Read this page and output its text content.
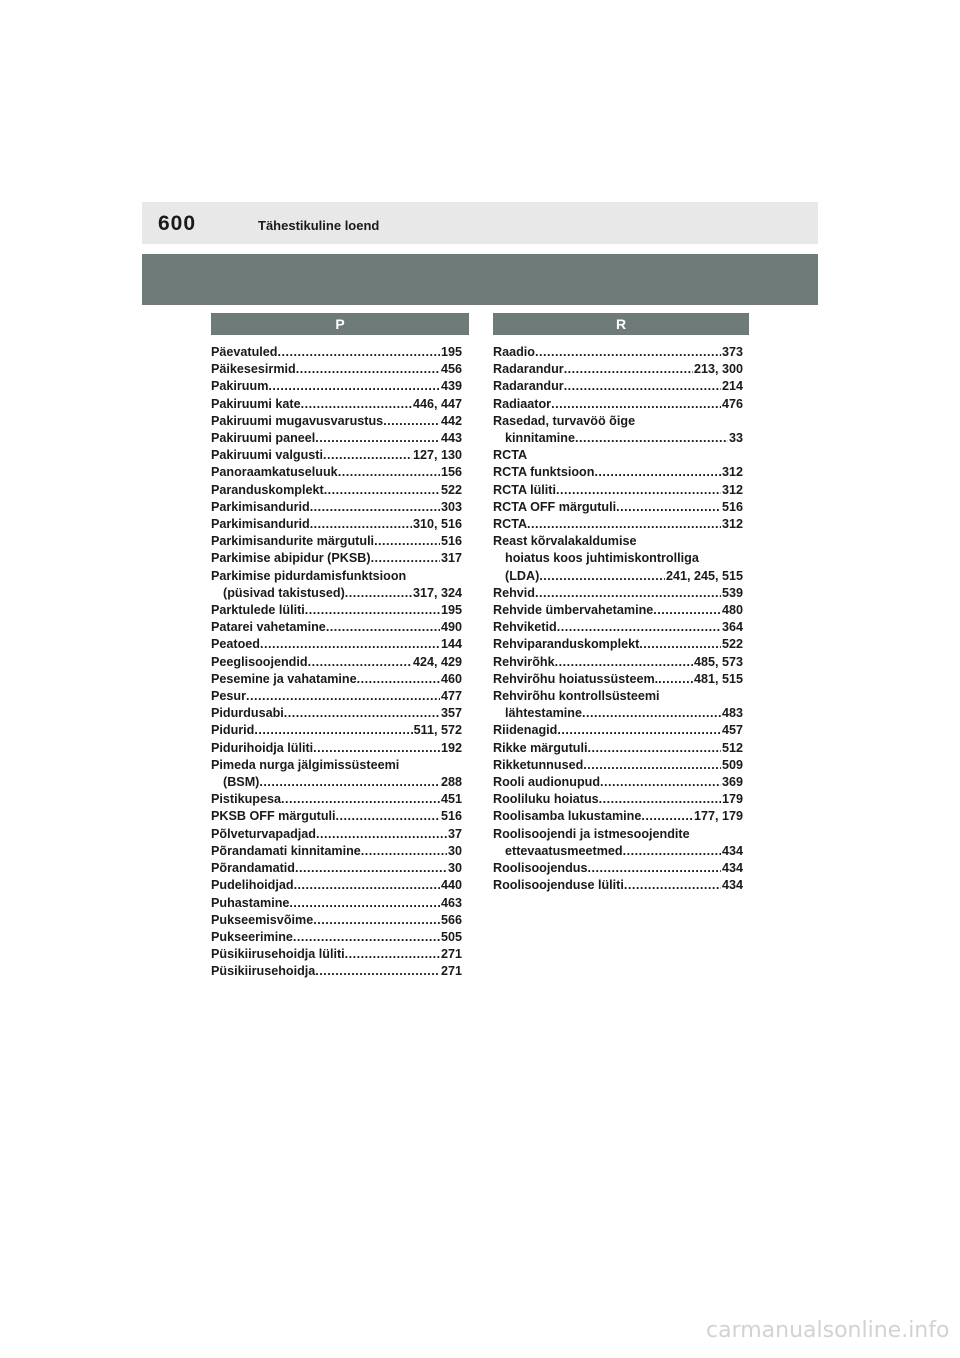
600	Tähestikuline loend
P	R
Päevatuled .....	195
Päikesesirmid .....	456
Pakiruum .....	439
Pakiruumi kate .....	446, 447
Pakiruumi mugavusvarustus .....	442
Pakiruumi paneel .....	443
Pakiruumi valgusti .....	127, 130
Panoraamkatuseluuk .....	156
Paranduskomplekt .....	522
Parkimisandurid .....	303
Parkimisandurid .....	310, 516
Parkimisandurite märgutuli .....	516
Parkimise abipidur (PKSB) .....	317
Parkimise pidurdamisfunktsioon
(püsivad takistused) .....	317, 324
Parktulede lüliti .....	195
Patarei vahetamine .....	490
Peatoed .....	144
Peeglisoojendid .....	424, 429
Pesemine ja vahatamine .....	460
Pesur .....	477
Pidurdusabi .....	357
Pidurid .....	511, 572
Pidurihoidja lüliti .....	192
Pimeda nurga jälgimissüsteemi
(BSM) .....	288
Pistikupesa .....	451
PKSB OFF märgutuli .....	516
Põlveturvapadjad .....	37
Põrandamati kinnitamine .....	30
Põrandamatid .....	30
Pudelihoidjad .....	440
Puhastamine .....	463
Pukseemisvõime .....	566
Pukseerimine .....	505
Püsikiirusehoidja lüliti .....	271
Püsikiirusehoidja .....	271
Raadio .....	373
Radarandur .....	213, 300
Radarandur .....	214
Radiaator .....	476
Rasedad, turvavöö õige
kinnitamine .....	33
RCTA
RCTA funktsioon .....	312
RCTA lüliti .....	312
RCTA OFF märgutuli .....	516
RCTA .....	312
Reast kõrvalakaldumise
hoiatus koos juhtimiskontrolliga
(LDA) .....	241, 245, 515
Rehvid .....	539
Rehvide ümbervahetamine .....	480
Rehviketid .....	364
Rehviparanduskomplekt .....	522
Rehvirõhk .....	485, 573
Rehvirõhu hoiatussüsteem. .....	481, 515
Rehvirõhu kontrollsüsteemi
lähtestamine .....	483
Riidenagid .....	457
Rikke märgutuli .....	512
Rikketunnused .....	509
Rooli audionupud .....	369
Rooliluku hoiatus .....	179
Roolisamba lukustamine .....	177, 179
Roolisoojendi ja istmesoojendite
ettevaatusmeetmed .....	434
Roolisoojendus .....	434
Roolisoojenduse lüliti .....	434
carmanualsonline.info
